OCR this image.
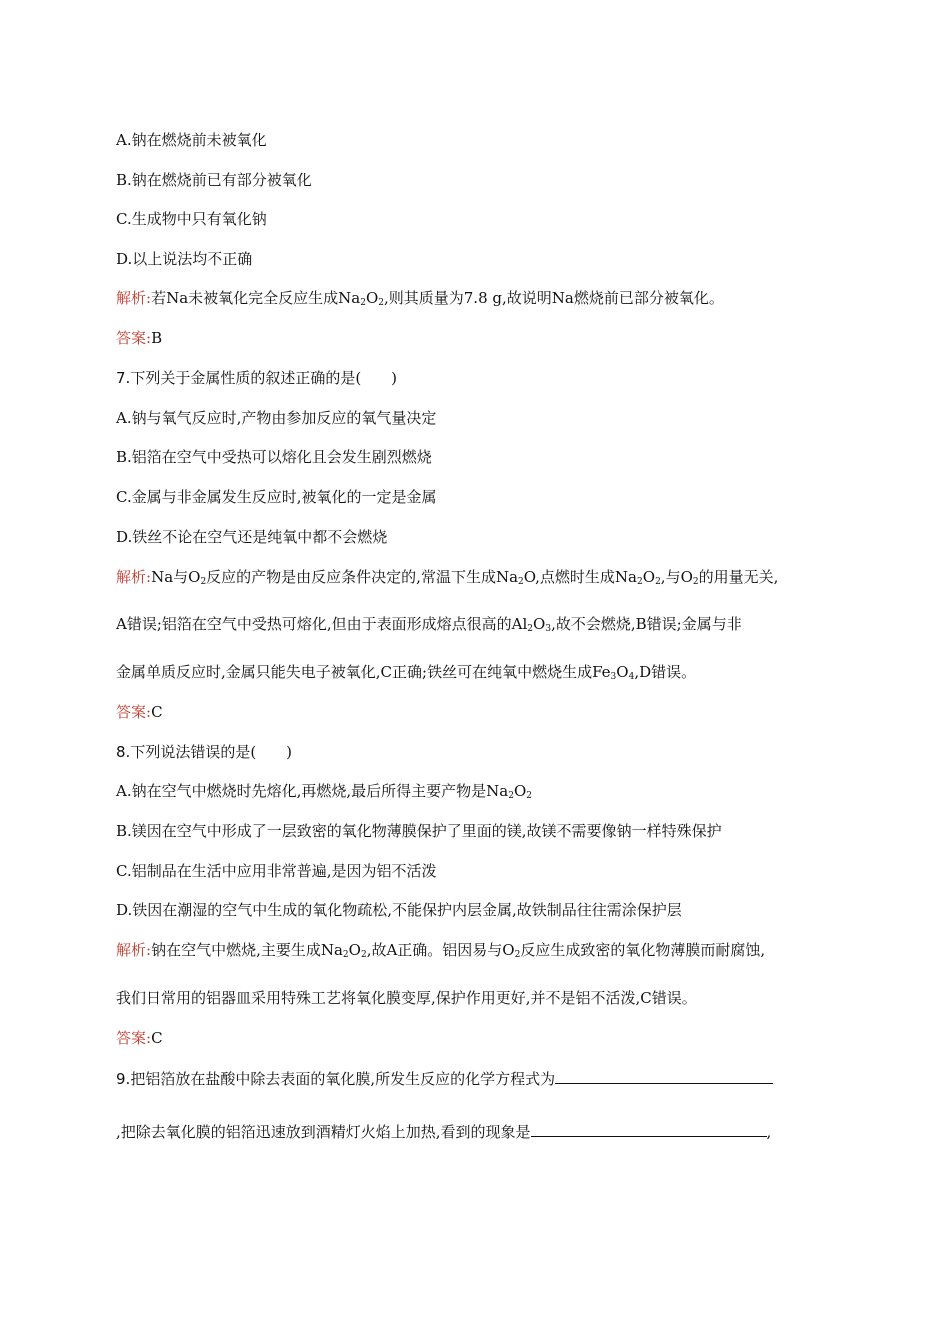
A.钠在燃烧前未被氧化
B.钠在燃烧前已有部分被氧化
C.生成物中只有氧化钠
D.以上说法均不正确
解析:若Na未被氧化完全反应生成$Na_2O_2$,则其质量为7.8 g,故说明Na燃烧前已部分被氧化。
答案:B
7.下列关于金属性质的叙述正确的是(　　)
A.钠与氧气反应时,产物由参加反应的氧气量决定
B.铝箔在空气中受热可以熔化且会发生剧烈燃烧
C.金属与非金属发生反应时,被氧化的一定是金属
D.铁丝不论在空气还是纯氧中都不会燃烧
解析:Na与$O_2$反应的产物是由反应条件决定的,常温下生成$Na_2O$,点燃时生成$Na_2O_2$,与$O_2$的用量无关,
A错误;铝箔在空气中受热可熔化,但由于表面形成熔点很高的$Al_2O_3$,故不会燃烧,B错误;金属与非
金属单质反应时,金属只能失电子被氧化,C正确;铁丝可在纯氧中燃烧生成$Fe_3O_4,D$错误。
答案:C
8.下列说法错误的是(　　)
A.钠在空气中燃烧时先熔化,再燃烧,最后所得主要产物是$Na_2O_2$
B.镁因在空气中形成了一层致密的氧化物薄膜保护了里面的镁,故镁不需要像钠一样特殊保护
C.铝制品在生活中应用非常普遍,是因为铝不活泼
D.铁因在潮湿的空气中生成的氧化物疏松,不能保护内层金属,故铁制品往往需涂保护层
解析:钠在空气中燃烧,主要生成$Na_2O_2$,故A正确。铝因易与$O_2$反应生成致密的氧化物薄膜而耐腐蚀,
我们日常用的铝器皿采用特殊工艺将氧化膜变厚,保护作用更好,并不是铝不活泼,C错误。
答案:C
9.把铝箔放在盐酸中除去表面的氧化膜,所发生反应的化学方程式为
,把除去氧化膜的铝箔迅速放到酒精灯火焰上加热,看到的现象是	,
